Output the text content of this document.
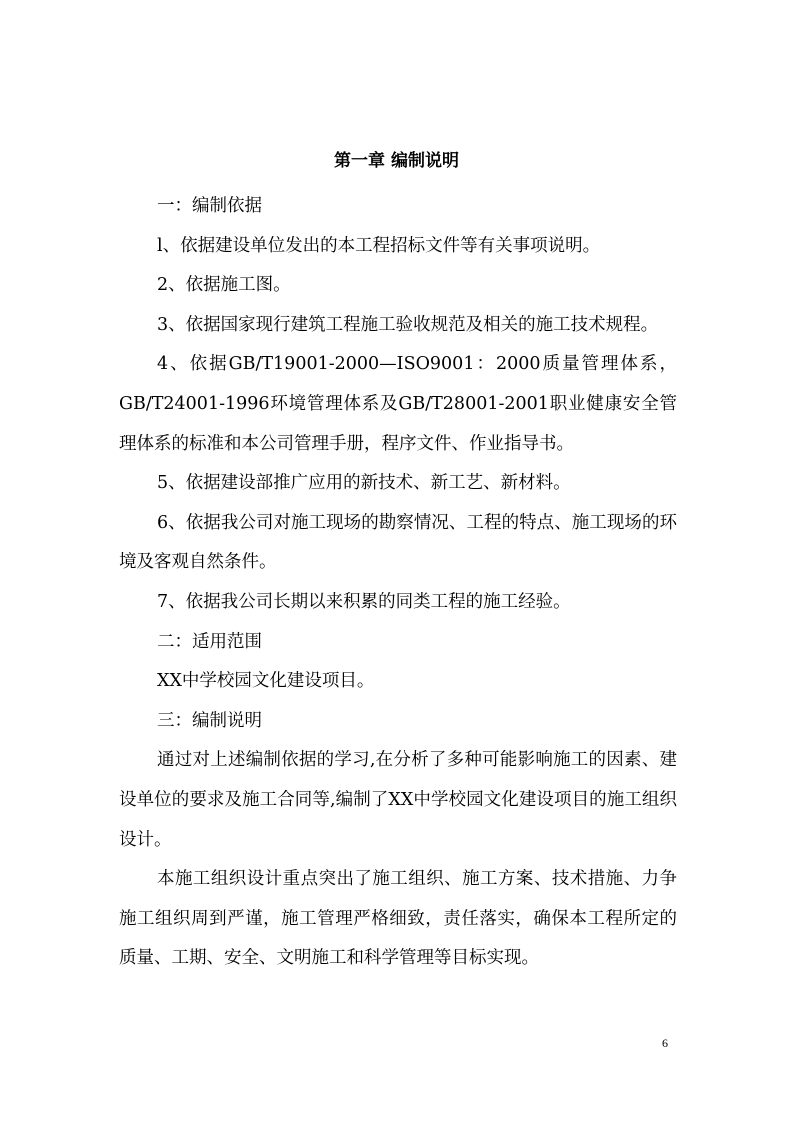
第一章 编制说明

一：编制依据

l、依据建设单位发出的本工程招标文件等有关事项说明。

2、依据施工图。

3、依据国家现行建筑工程施工验收规范及相关的施工技术规程。

4、依据GB/T19001-2000—ISO9001：2000质量管理体系，GB/T24001-1996环境管理体系及GB/T28001-2001职业健康安全管理体系的标准和本公司管理手册，程序文件、作业指导书。

5、依据建设部推广应用的新技术、新工艺、新材料。

6、依据我公司对施工现场的勘察情况、工程的特点、施工现场的环境及客观自然条件。

7、依据我公司长期以来积累的同类工程的施工经验。

二：适用范围

XX中学校园文化建设项目。

三：编制说明

通过对上述编制依据的学习,在分析了多种可能影响施工的因素、建设单位的要求及施工合同等,编制了XX中学校园文化建设项目的施工组织设计。

本施工组织设计重点突出了施工组织、施工方案、技术措施、力争施工组织周到严谨，施工管理严格细致，责任落实，确保本工程所定的质量、工期、安全、文明施工和科学管理等目标实现。

6
